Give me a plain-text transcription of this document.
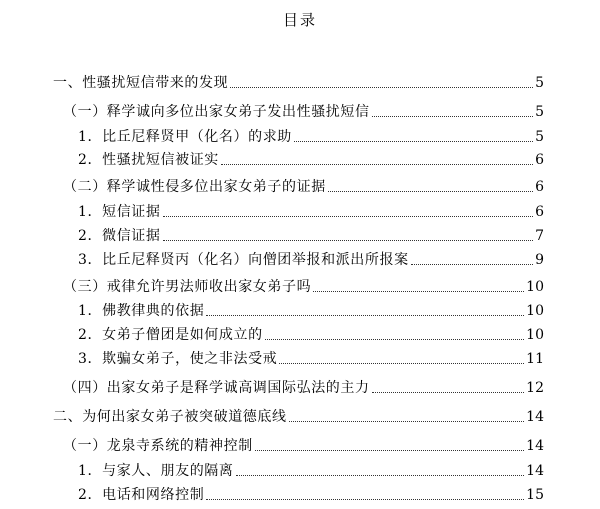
目录
一、性骚扰短信带来的发现	5
（一）释学诚向多位出家女弟子发出性骚扰短信	5
1．比丘尼释贤甲（化名）的求助	5
2．性骚扰短信被证实	6
（二）释学诚性侵多位出家女弟子的证据	6
1．短信证据	6
2．微信证据	7
3．比丘尼释贤丙（化名）向僧团举报和派出所报案	9
（三）戒律允许男法师收出家女弟子吗	10
1．佛教律典的依据	10
2．女弟子僧团是如何成立的	10
3．欺骗女弟子，使之非法受戒	11
（四）出家女弟子是释学诚高调国际弘法的主力	12
二、为何出家女弟子被突破道德底线	14
（一）龙泉寺系统的精神控制	14
1．与家人、朋友的隔离	14
2．电话和网络控制	15
